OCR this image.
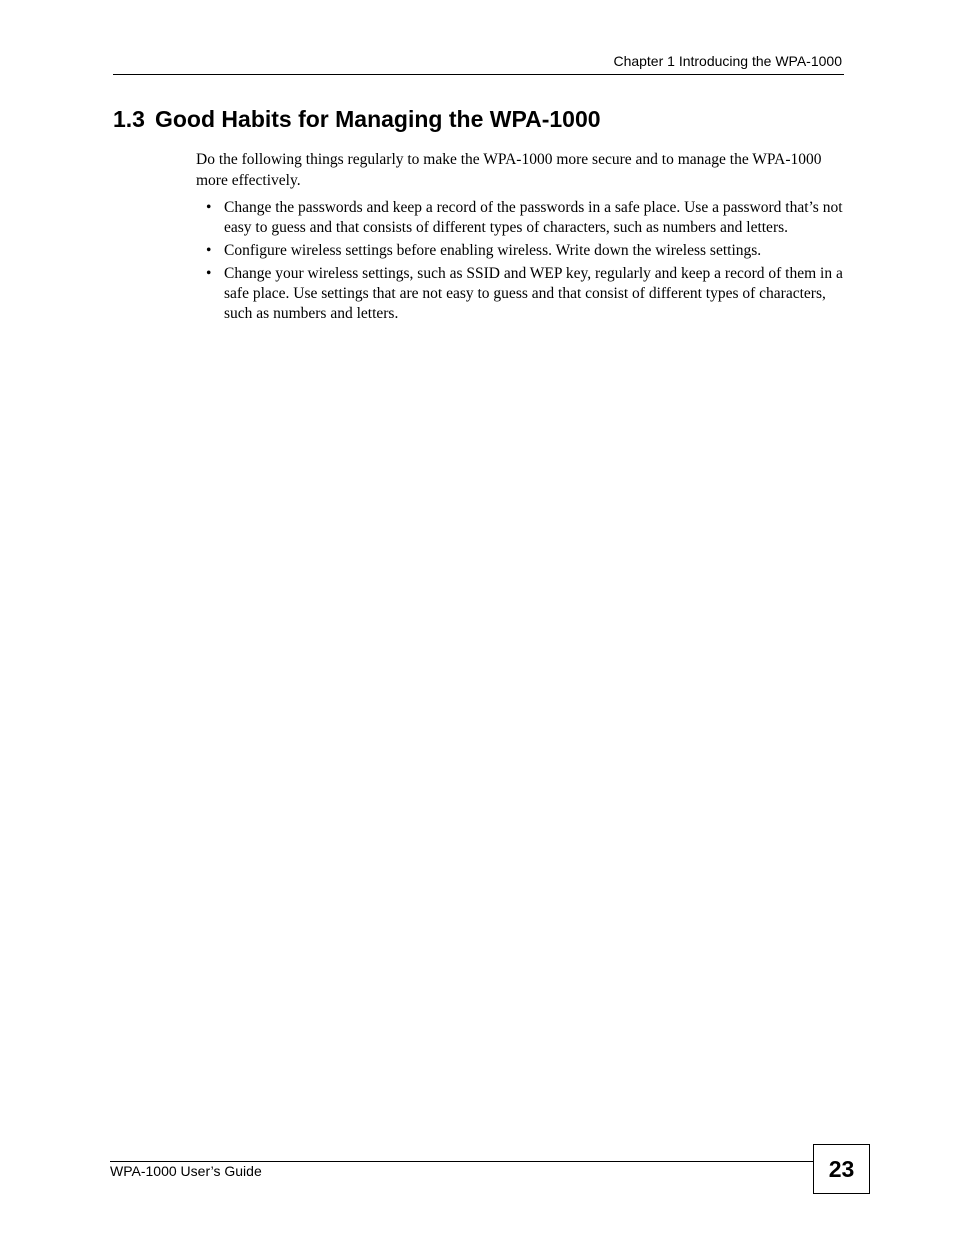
Chapter 1 Introducing the WPA-1000
1.3 Good Habits for Managing the WPA-1000

Do the following things regularly to make the WPA-1000 more secure and to manage the WPA-1000 more effectively.

• Change the passwords and keep a record of the passwords in a safe place. Use a password that’s not easy to guess and that consists of different types of characters, such as numbers and letters.
• Configure wireless settings before enabling wireless. Write down the wireless settings.
• Change your wireless settings, such as SSID and WEP key, regularly and keep a record of them in a safe place. Use settings that are not easy to guess and that consist of different types of characters, such as numbers and letters.
WPA-1000 User’s Guide	23
